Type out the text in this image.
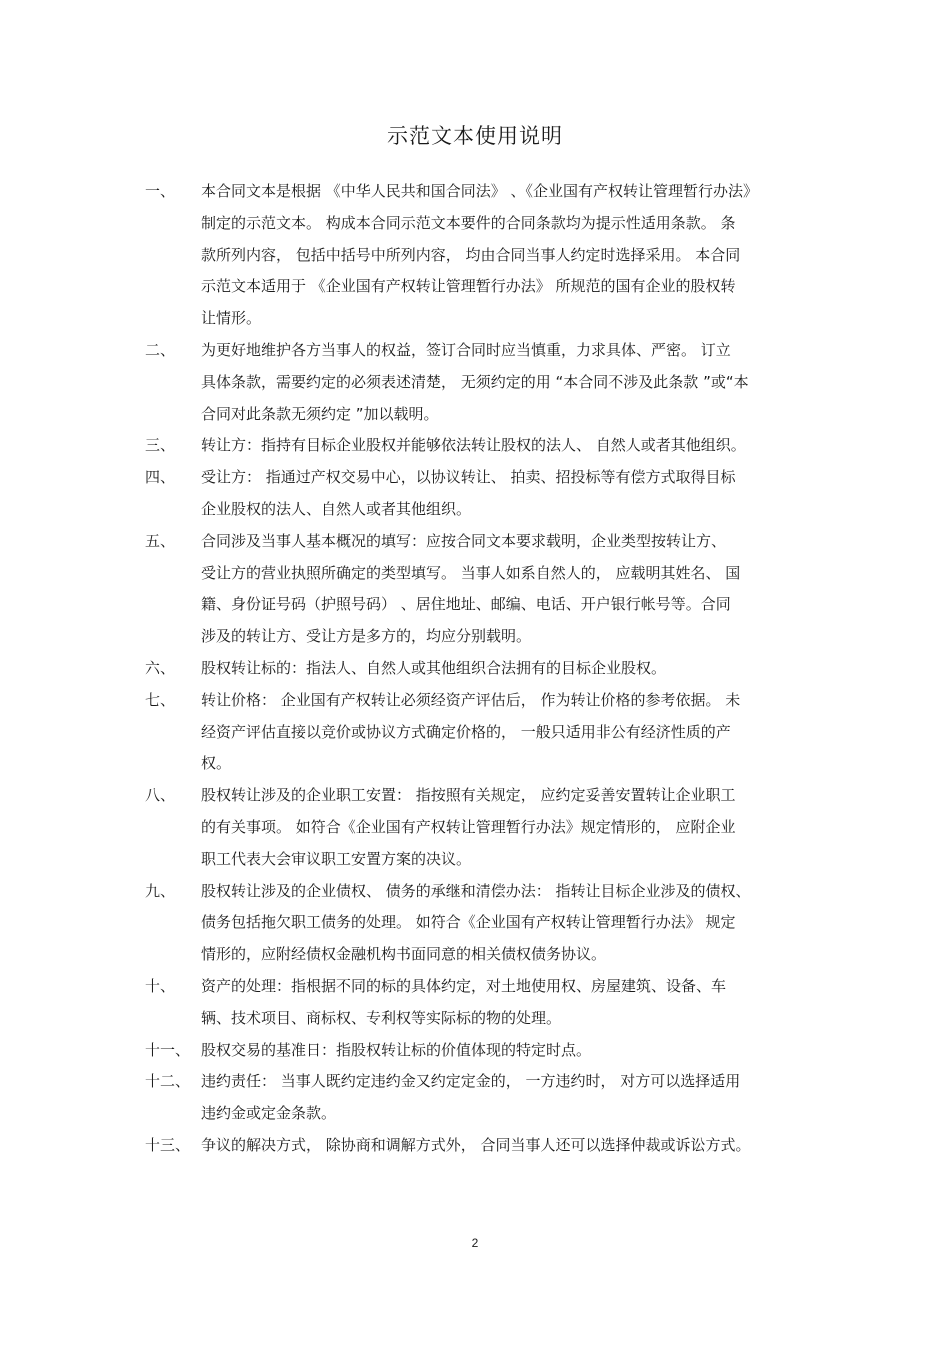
示范文本使用说明
一、	本合同文本是根据 《中华人民共和国合同法》 、《企业国有产权转让管理暂行办法》
制定的示范文本。 构成本合同示范文本要件的合同条款均为提示性适用条款。 条
款所列内容， 包括中括号中所列内容， 均由合同当事人约定时选择采用。 本合同
示范文本适用于 《企业国有产权转让管理暂行办法》 所规范的国有企业的股权转
让情形。
二、	为更好地维护各方当事人的权益，签订合同时应当慎重，力求具体、严密。 订立
具体条款，需要约定的必须表述清楚， 无须约定的用 “本合同不涉及此条款 ”或“本
合同对此条款无须约定 ”加以载明。
三、	转让方：指持有目标企业股权并能够依法转让股权的法人、 自然人或者其他组织。
四、	受让方： 指通过产权交易中心，以协议转让、 拍卖、招投标等有偿方式取得目标
企业股权的法人、自然人或者其他组织。
五、	合同涉及当事人基本概况的填写：应按合同文本要求载明，企业类型按转让方、
受让方的营业执照所确定的类型填写。 当事人如系自然人的， 应载明其姓名、 国
籍、身份证号码（护照号码） 、居住地址、邮编、电话、开户银行帐号等。合同
涉及的转让方、受让方是多方的，均应分别载明。
六、	股权转让标的：指法人、自然人或其他组织合法拥有的目标企业股权。
七、	转让价格： 企业国有产权转让必须经资产评估后， 作为转让价格的参考依据。 未
经资产评估直接以竞价或协议方式确定价格的， 一般只适用非公有经济性质的产
权。
八、	股权转让涉及的企业职工安置： 指按照有关规定， 应约定妥善安置转让企业职工
的有关事项。 如符合《企业国有产权转让管理暂行办法》规定情形的， 应附企业
职工代表大会审议职工安置方案的决议。
九、	股权转让涉及的企业债权、 债务的承继和清偿办法： 指转让目标企业涉及的债权、
债务包括拖欠职工债务的处理。 如符合《企业国有产权转让管理暂行办法》 规定
情形的，应附经债权金融机构书面同意的相关债权债务协议。
十、	资产的处理：指根据不同的标的具体约定，对土地使用权、房屋建筑、设备、车
辆、技术项目、商标权、专利权等实际标的物的处理。
十一、 股权交易的基准日：指股权转让标的价值体现的特定时点。
十二、 违约责任： 当事人既约定违约金又约定定金的， 一方违约时， 对方可以选择适用
违约金或定金条款。
十三、 争议的解决方式， 除协商和调解方式外， 合同当事人还可以选择仲裁或诉讼方式。
2
